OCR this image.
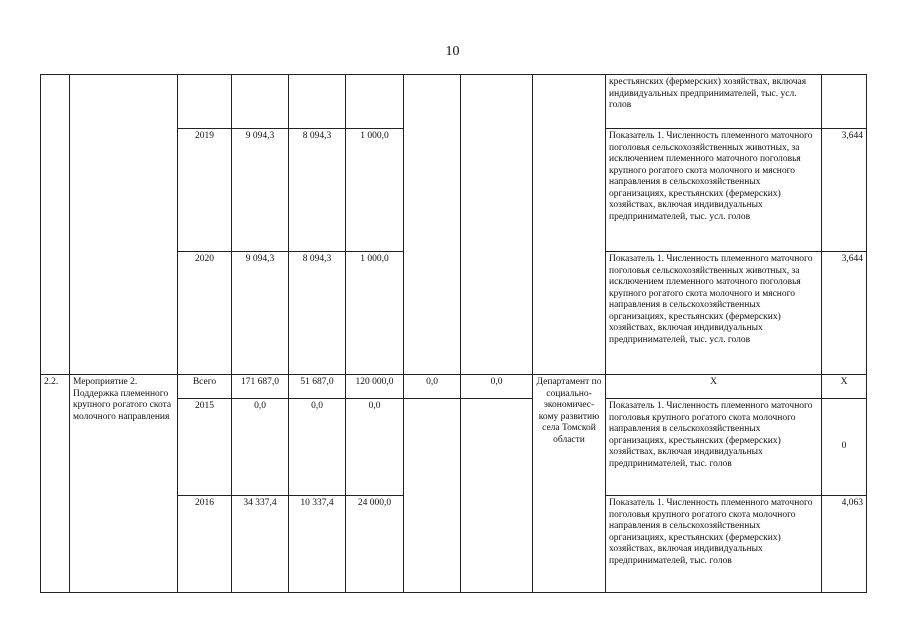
10
									крестьянских (фермерских) хозяйствах, включая индивидуальных предпринимателей, тыс. усл. голов	
		2019	9 094,3	8 094,3	1 000,0				Показатель 1. Численность племенного маточного поголовья сельскохозяйственных животных, за исключением племенного маточного поголовья крупного рогатого скота молочного и мясного направления в сельскохозяйственных организациях, крестьянских (фермерских) хозяйствах, включая индивидуальных предпринимателей, тыс. усл. голов	3,644
		2020	9 094,3	8 094,3	1 000,0				Показатель 1. Численность племенного маточного поголовья сельскохозяйственных животных, за исключением племенного маточного поголовья крупного рогатого скота молочного и мясного направления в сельскохозяйственных организациях, крестьянских (фермерских) хозяйствах, включая индивидуальных предпринимателей, тыс. усл. голов	3,644
2.2.	Мероприятие 2. Поддержка племенного крупного рогатого скота молочного направления	Всего	171 687,0	51 687,0	120 000,0	0,0	0,0	Департамент по социально-экономичес-кому развитию села Томской области	Х	Х
		2015	0,0	0,0	0,0				Показатель 1. Численность племенного маточного поголовья крупного рогатого скота молочного направления в сельскохозяйственных организациях, крестьянских (фермерских) хозяйствах, включая индивидуальных предпринимателей, тыс. голов	0
		2016	34 337,4	10 337,4	24 000,0				Показатель 1. Численность племенного маточного поголовья крупного рогатого скота молочного направления в сельскохозяйственных организациях, крестьянских (фермерских) хозяйствах, включая индивидуальных предпринимателей, тыс. голов	4,063
